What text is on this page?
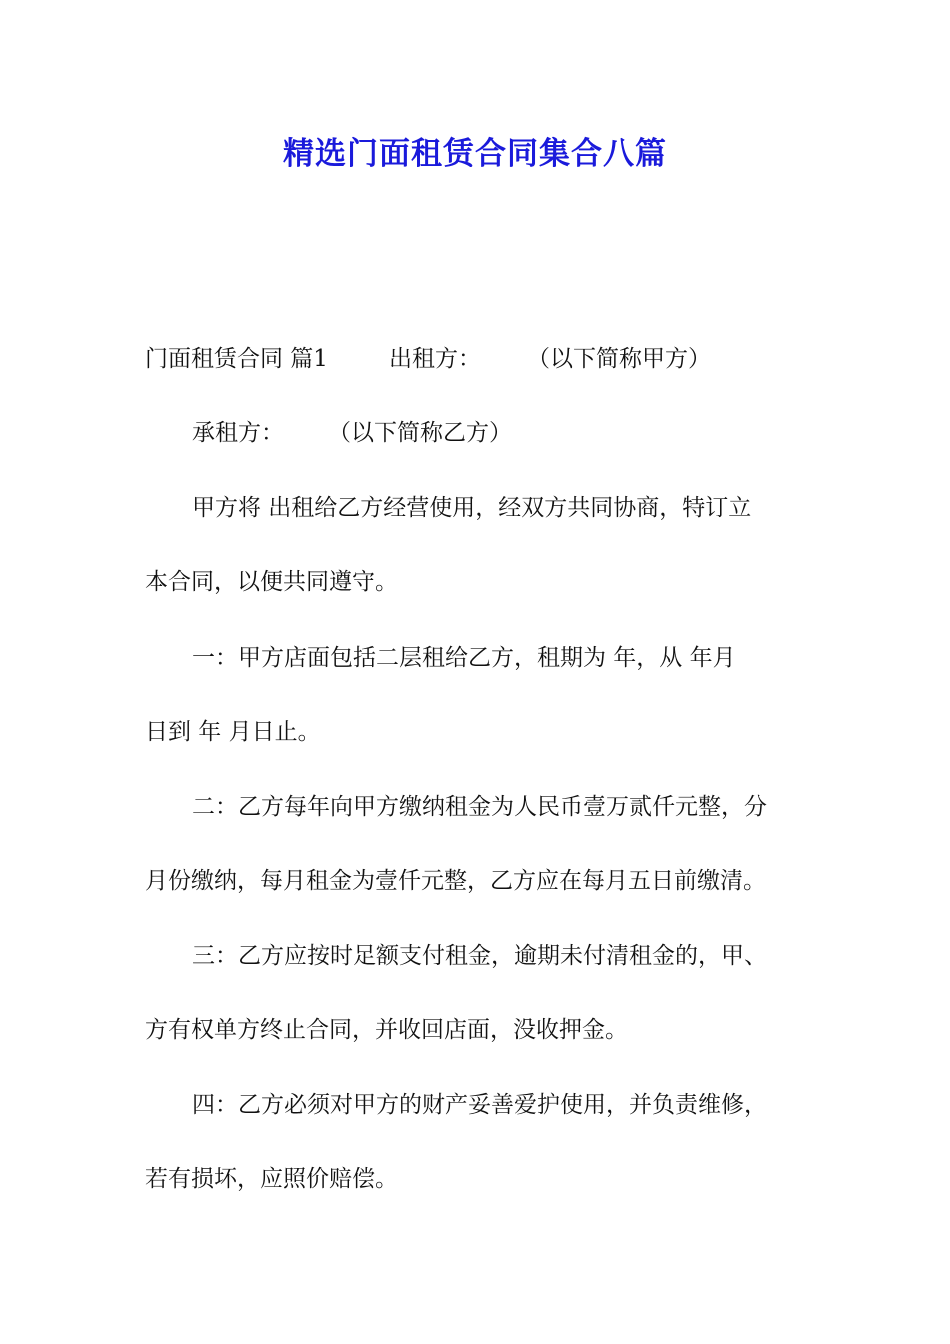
精选门面租赁合同集合八篇
门面租赁合同 篇1	出租方： （以下简称甲方）
承租方： （以下简称乙方）
甲方将 出租给乙方经营使用，经双方共同协商，特订立
本合同，以便共同遵守。
一：甲方店面包括二层租给乙方，租期为 年，从 年月
日到 年 月日止。
二：乙方每年向甲方缴纳租金为人民币壹万贰仟元整，分
月份缴纳，每月租金为壹仟元整，乙方应在每月五日前缴清。
三：乙方应按时足额支付租金，逾期未付清租金的，甲、
方有权单方终止合同，并收回店面，没收押金。
四：乙方必须对甲方的财产妥善爱护使用，并负责维修，
若有损坏，应照价赔偿。
